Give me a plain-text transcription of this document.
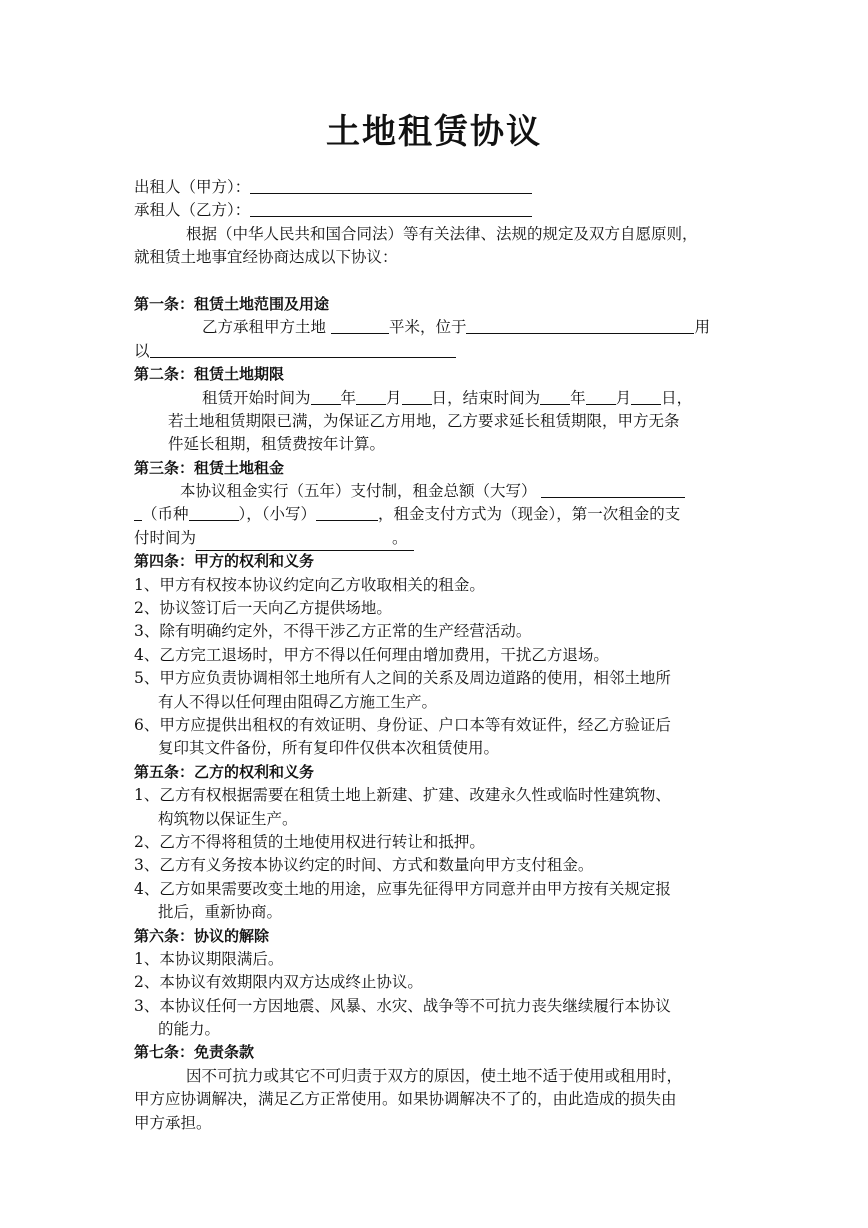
土地租赁协议
出租人（甲方）：
承租人（乙方）：
根据（中华人民共和国合同法）等有关法律、法规的规定及双方自愿原则，
就租赁土地事宜经协商达成以下协议：
第一条：租赁土地范围及用途
乙方承租甲方土地	平米，位于	用
以
第二条：租赁土地期限
租赁开始时间为 年 月 日，结束时间为 年 月 日，
若土地租赁期限已满，为保证乙方用地，乙方要求延长租赁期限，甲方无条
件延长租期，租赁费按年计算。
第三条：租赁土地租金
本协议租金实行（五年）支付制，租金总额（大写）
（币种	），（小写）	，租金支付方式为（现金），第一次租金的支
付时间为	。
第四条：甲方的权利和义务
1、甲方有权按本协议约定向乙方收取相关的租金。
2、协议签订后一天向乙方提供场地。
3、除有明确约定外，不得干涉乙方正常的生产经营活动。
4、乙方完工退场时，甲方不得以任何理由增加费用，干扰乙方退场。
5、甲方应负责协调相邻土地所有人之间的关系及周边道路的使用，相邻土地所
有人不得以任何理由阻碍乙方施工生产。
6、甲方应提供出租权的有效证明、身份证、户口本等有效证件，经乙方验证后
复印其文件备份，所有复印件仅供本次租赁使用。
第五条：乙方的权利和义务
1、乙方有权根据需要在租赁土地上新建、扩建、改建永久性或临时性建筑物、
构筑物以保证生产。
2、乙方不得将租赁的土地使用权进行转让和抵押。
3、乙方有义务按本协议约定的时间、方式和数量向甲方支付租金。
4、乙方如果需要改变土地的用途，应事先征得甲方同意并由甲方按有关规定报
批后，重新协商。
第六条：协议的解除
1、本协议期限满后。
2、本协议有效期限内双方达成终止协议。
3、本协议任何一方因地震、风暴、水灾、战争等不可抗力丧失继续履行本协议
的能力。
第七条：免责条款
因不可抗力或其它不可归责于双方的原因，使土地不适于使用或租用时，
甲方应协调解决，满足乙方正常使用。如果协调解决不了的，由此造成的损失由
甲方承担。
